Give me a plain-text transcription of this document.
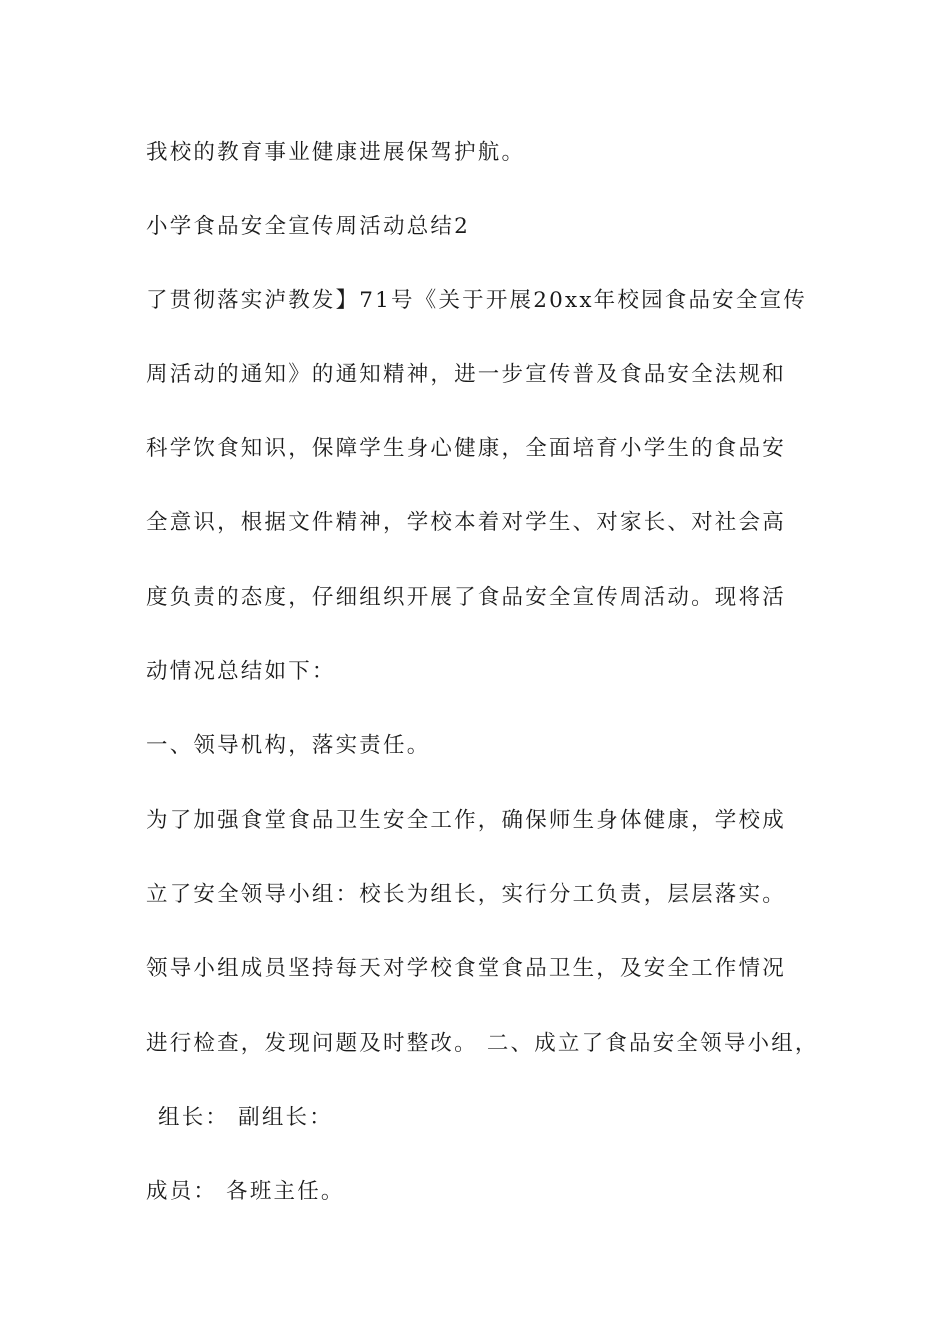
我校的教育事业健康进展保驾护航。
小学食品安全宣传周活动总结2
了贯彻落实泸教发】71号《关于开展20xx年校园食品安全宣传
周活动的通知》的通知精神，进一步宣传普及食品安全法规和
科学饮食知识，保障学生身心健康，全面培育小学生的食品安
全意识，根据文件精神，学校本着对学生、对家长、对社会高
度负责的态度，仔细组织开展了食品安全宣传周活动。现将活
动情况总结如下：
一、领导机构，落实责任。
为了加强食堂食品卫生安全工作，确保师生身体健康，学校成
立了安全领导小组：校长为组长，实行分工负责，层层落实。
领导小组成员坚持每天对学校食堂食品卫生，及安全工作情况
进行检查，发现问题及时整改。 二、成立了食品安全领导小组，
组长： 副组长：
成员： 各班主任。
